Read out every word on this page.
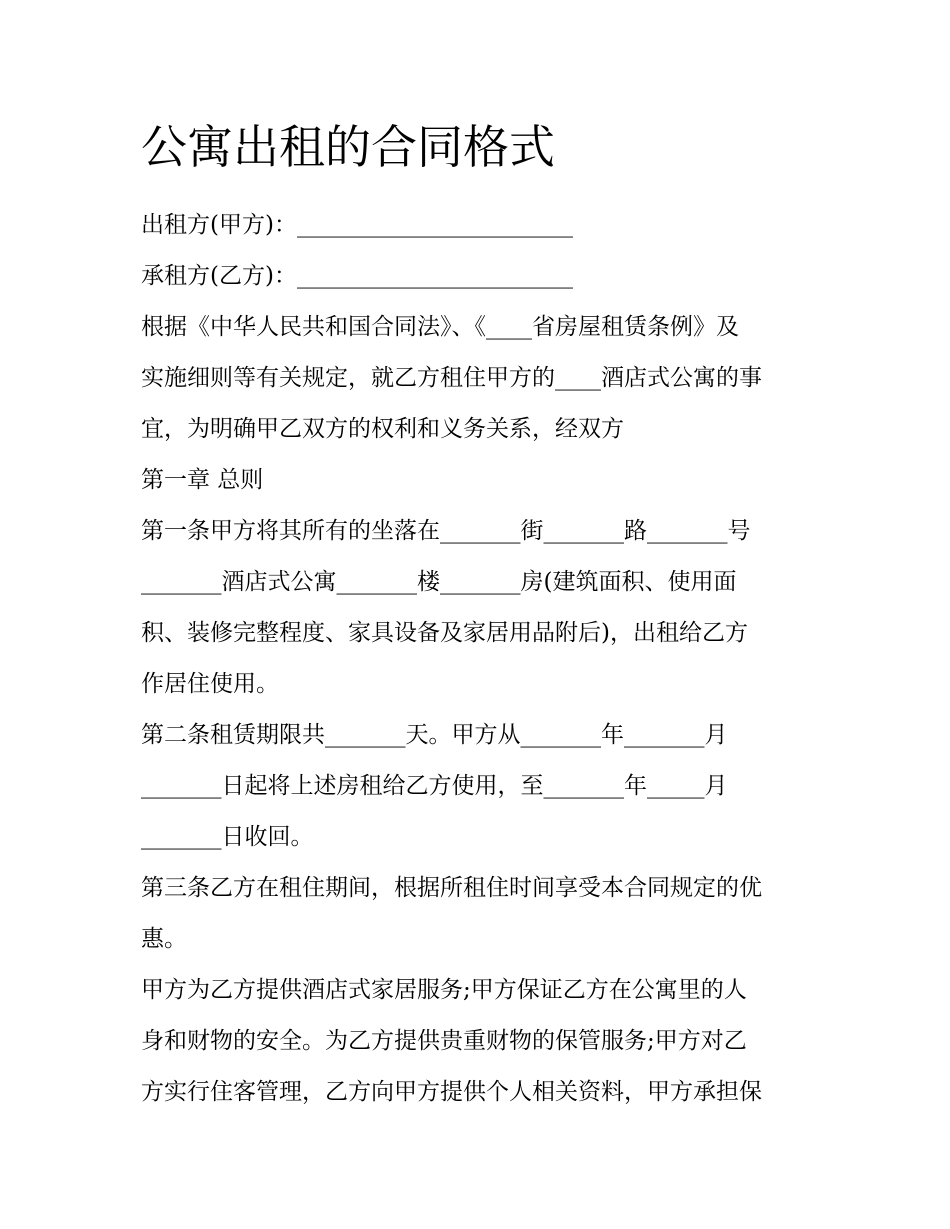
公寓出租的合同格式

出租方(甲方)：________________________

承租方(乙方)：________________________

根据《中华人民共和国合同法》、《____省房屋租赁条例》及

实施细则等有关规定，就乙方租住甲方的____酒店式公寓的事

宜，为明确甲乙双方的权利和义务关系，经双方

第一章 总则

第一条甲方将其所有的坐落在_______街_______路_______号

_______酒店式公寓_______楼_______房(建筑面积、使用面

积、装修完整程度、家具设备及家居用品附后)，出租给乙方

作居住使用。

第二条租赁期限共_______天。甲方从_______年_______月

_______日起将上述房租给乙方使用，至_______年_____月

_______日收回。

第三条乙方在租住期间，根据所租住时间享受本合同规定的优

惠。

甲方为乙方提供酒店式家居服务;甲方保证乙方在公寓里的人

身和财物的安全。为乙方提供贵重财物的保管服务;甲方对乙

方实行住客管理，乙方向甲方提供个人相关资料，甲方承担保
